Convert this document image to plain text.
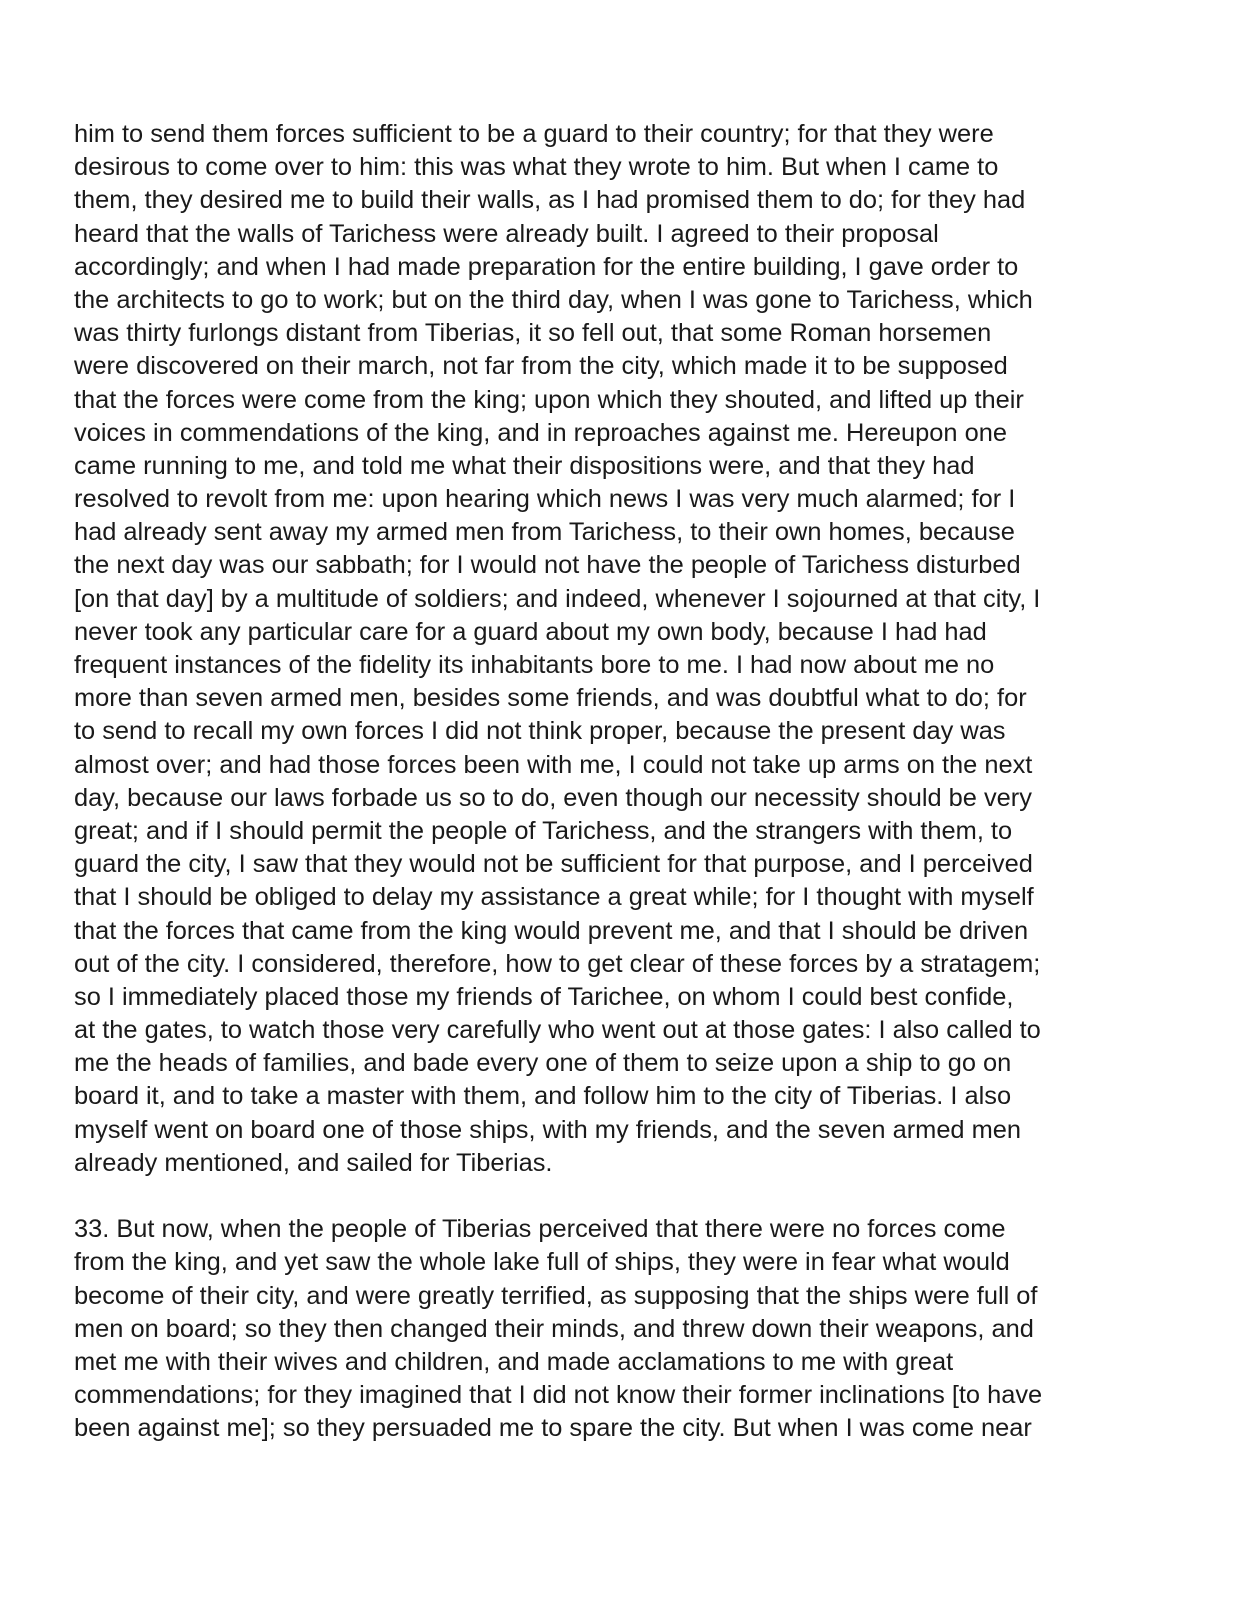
him to send them forces sufficient to be a guard to their country; for that they were
desirous to come over to him: this was what they wrote to him. But when I came to
them, they desired me to build their walls, as I had promised them to do; for they had
heard that the walls of Tarichess were already built. I agreed to their proposal
accordingly; and when I had made preparation for the entire building, I gave order to
the architects to go to work; but on the third day, when I was gone to Tarichess, which
was thirty furlongs distant from Tiberias, it so fell out, that some Roman horsemen
were discovered on their march, not far from the city, which made it to be supposed
that the forces were come from the king; upon which they shouted, and lifted up their
voices in commendations of the king, and in reproaches against me. Hereupon one
came running to me, and told me what their dispositions were, and that they had
resolved to revolt from me: upon hearing which news I was very much alarmed; for I
had already sent away my armed men from Tarichess, to their own homes, because
the next day was our sabbath; for I would not have the people of Tarichess disturbed
[on that day] by a multitude of soldiers; and indeed, whenever I sojourned at that city, I
never took any particular care for a guard about my own body, because I had had
frequent instances of the fidelity its inhabitants bore to me. I had now about me no
more than seven armed men, besides some friends, and was doubtful what to do; for
to send to recall my own forces I did not think proper, because the present day was
almost over; and had those forces been with me, I could not take up arms on the next
day, because our laws forbade us so to do, even though our necessity should be very
great; and if I should permit the people of Tarichess, and the strangers with them, to
guard the city, I saw that they would not be sufficient for that purpose, and I perceived
that I should be obliged to delay my assistance a great while; for I thought with myself
that the forces that came from the king would prevent me, and that I should be driven
out of the city. I considered, therefore, how to get clear of these forces by a stratagem;
so I immediately placed those my friends of Tarichee, on whom I could best confide,
at the gates, to watch those very carefully who went out at those gates: I also called to
me the heads of families, and bade every one of them to seize upon a ship to go on
board it, and to take a master with them, and follow him to the city of Tiberias. I also
myself went on board one of those ships, with my friends, and the seven armed men
already mentioned, and sailed for Tiberias.
33. But now, when the people of Tiberias perceived that there were no forces come
from the king, and yet saw the whole lake full of ships, they were in fear what would
become of their city, and were greatly terrified, as supposing that the ships were full of
men on board; so they then changed their minds, and threw down their weapons, and
met me with their wives and children, and made acclamations to me with great
commendations; for they imagined that I did not know their former inclinations [to have
been against me]; so they persuaded me to spare the city. But when I was come near
